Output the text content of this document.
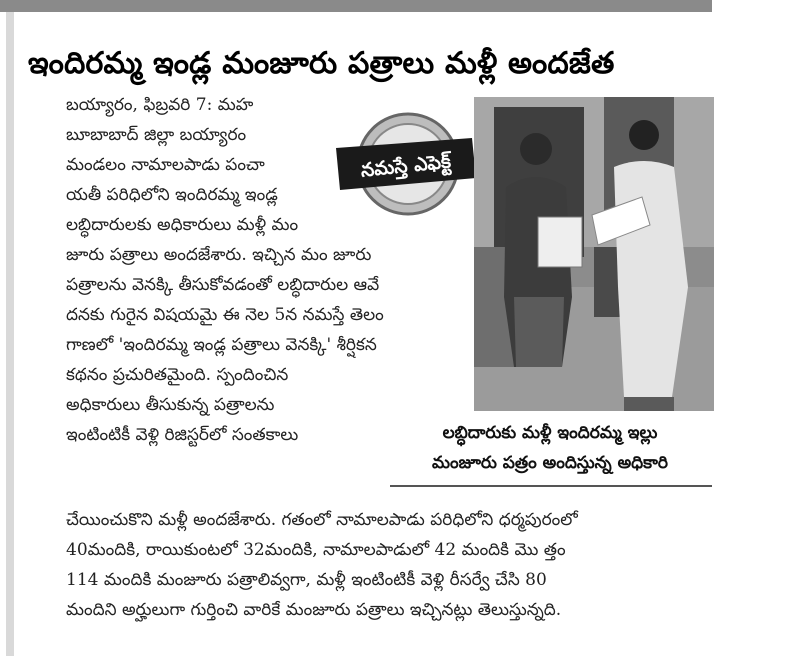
ఇందిరమ్మ ఇండ్ల మంజూరు పత్రాలు మళ్లీ అందజేత
బయ్యారం, ఫిబ్రవరి 7: మహ
బూబాబాద్ జిల్లా బయ్యారం
మండలం నామాలపాడు పంచా
యతీ పరిధిలోని ఇందిరమ్మ ఇండ్ల
లబ్ధిదారులకు అధికారులు మళ్లీ మం
జూరు పత్రాలు అందజేశారు. ఇచ్చిన మం జూరు
పత్రాలను వెనక్కి తీసుకోవడంతో లబ్ధిదారుల ఆవే
దనకు గురైన విషయమై ఈ నెల 5న నమస్తే తెలం
గాణలో 'ఇందిరమ్మ ఇండ్ల పత్రాలు వెనక్కి' శీర్షికన
కథనం ప్రచురితమైంది. స్పందించిన
అధికారులు తీసుకున్న పత్రాలను
ఇంటింటికీ వెళ్లి రిజిస్టర్‌లో సంతకాలు
చేయించుకొని మళ్లీ అందజేశారు. గతంలో నామాలపాడు పరిధిలోని ధర్మపురంలో
40మందికి, రాయికుంటలో 32మందికి, నామాలపాడులో 42 మందికి మొ త్తం
114 మందికి మంజూరు పత్రాలివ్వగా, మళ్లీ ఇంటింటికీ వెళ్లి రీసర్వే చేసి 80
మందిని అర్హులుగా గుర్తించి వారికే మంజూరు పత్రాలు ఇచ్చినట్లు తెలుస్తున్నది.
నమస్తే ఎఫెక్ట్
లబ్ధిదారుకు మళ్లీ ఇందిరమ్మ ఇల్లు
మంజూరు పత్రం అందిస్తున్న అధికారి
